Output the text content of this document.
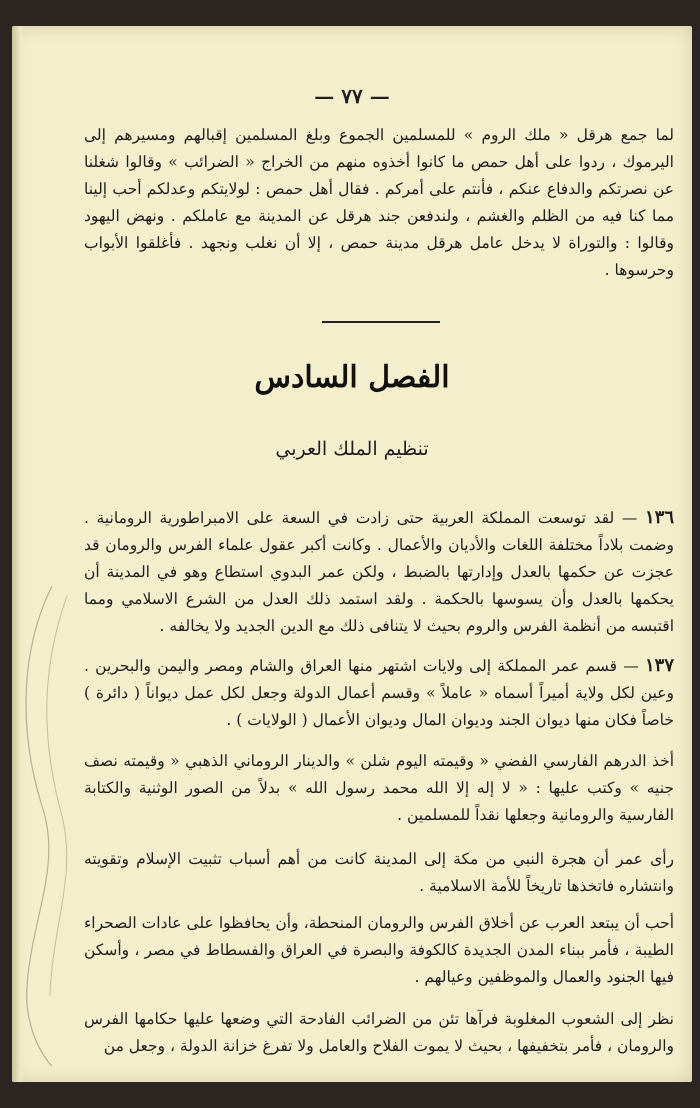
— ٧٧ —

لما جمع هرقل « ملك الروم » للمسلمين الجموع وبلغ المسلمين إقبالهم ومسيرهم إلى اليرموك ، ردوا على أهل حمص ما كانوا أخذوه منهم من الخراج « الضرائب » وقالوا شغلنا عن نصرتكم والدفاع عنكم ، فأنتم على أمركم . فقال أهل حمص : لولايتكم وعدلكم أحب إلينا مما كنا فيه من الظلم والغشم ، ولندفعن جند هرقل عن المدينة مع عاملكم . ونهض اليهود وقالوا : والتوراة لا يدخل عامل هرقل مدينة حمص ، إلا أن نغلب ونجهد . فأغلقوا الأبواب وحرسوها .

الفصل السادس
تنظيم الملك العربي

١٣٦ — لقد توسعت المملكة العربية حتى زادت في السعة على الامبراطورية الرومانية . وضمت بلاداً مختلفة اللغات والأديان والأعمال . وكانت أكبر عقول علماء الفرس والرومان قد عجزت عن حكمها بالعدل وإدارتها بالضبط ، ولكن عمر البدوي استطاع وهو في المدينة أن يحكمها بالعدل وأن يسوسها بالحكمة . ولقد استمد ذلك العدل من الشرع الاسلامي ومما اقتبسه من أنظمة الفرس والروم بحيث لا يتنافى ذلك مع الدين الجديد ولا يخالفه .

١٣٧ — قسم عمر المملكة إلى ولايات اشتهر منها العراق والشام ومصر واليمن والبحرين . وعين لكل ولاية أميراً أسماه « عاملاً » وقسم أعمال الدولة وجعل لكل عمل ديواناً ( دائرة ) خاصاً فكان منها ديوان الجند وديوان المال وديوان الأعمال ( الولايات ) .

أخذ الدرهم الفارسي الفضي « وقيمته اليوم شلن » والدينار الروماني الذهبي « وقيمته نصف جنيه » وكتب عليها : « لا إله إلا الله محمد رسول الله » بدلاً من الصور الوثنية والكتابة الفارسية والرومانية وجعلها نقداً للمسلمين .

رأى عمر أن هجرة النبي من مكة إلى المدينة كانت من أهم أسباب تثبيت الإسلام وتقويته وانتشاره فاتخذها تاريخاً للأمة الاسلامية .

أحب أن يبتعد العرب عن أخلاق الفرس والرومان المنحطة، وأن يحافظوا على عادات الصحراء الطيبة ، فأمر ببناء المدن الجديدة كالكوفة والبصرة في العراق والفسطاط في مصر ، وأسكن فيها الجنود والعمال والموظفين وعيالهم .

نظر إلى الشعوب المغلوبة فرآها تئن من الضرائب الفادحة التي وضعها عليها حكامها الفرس والرومان ، فأمر بتخفيفها ، بحيث لا يموت الفلاح والعامل ولا تفرغ خزانة الدولة ، وجعل من
